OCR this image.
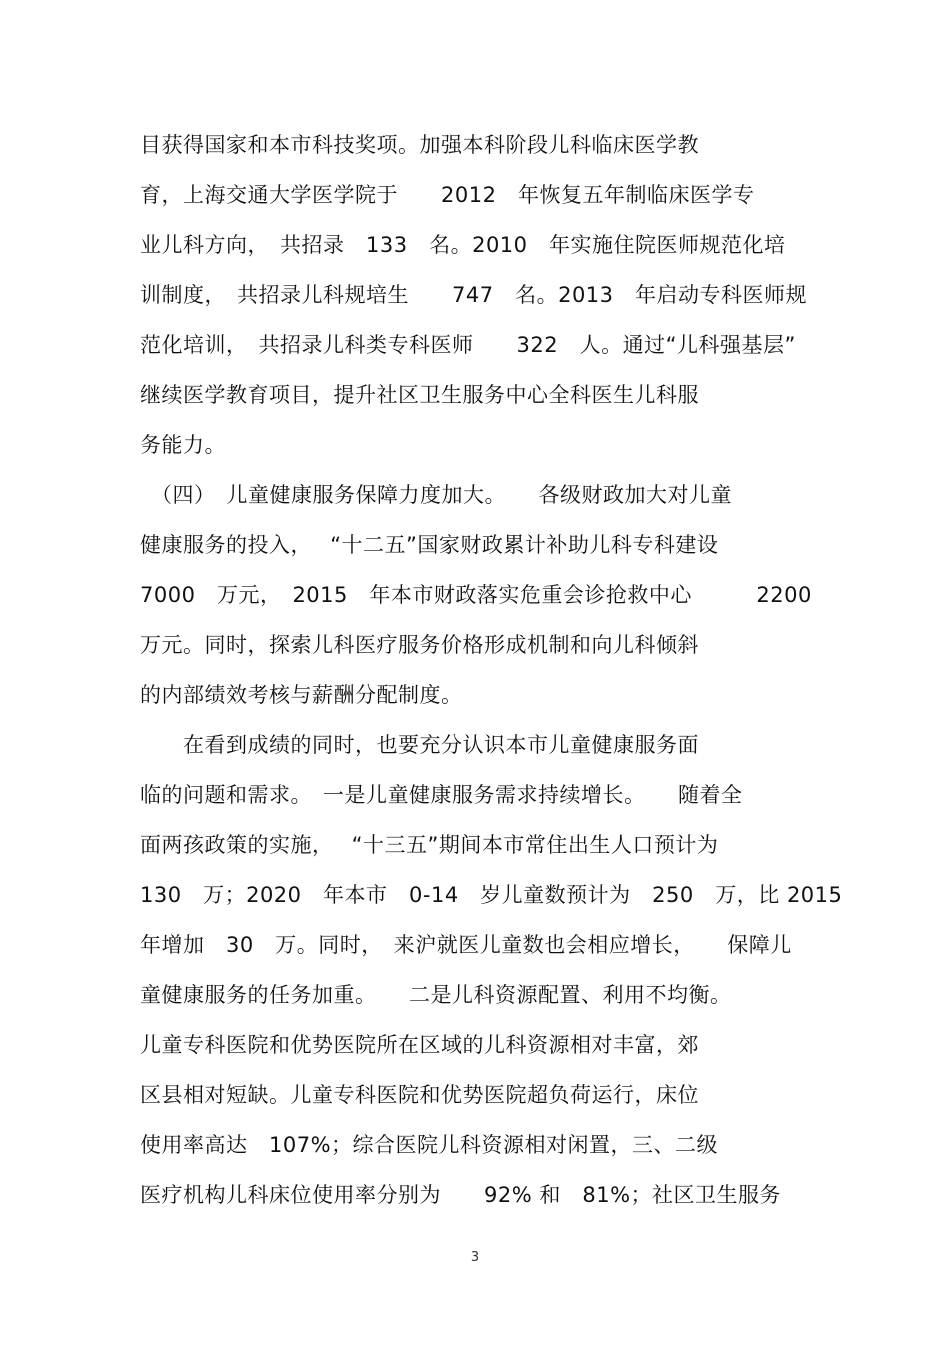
目获得国家和本市科技奖项。加强本科阶段儿科临床医学教
育，上海交通大学医学院于　　2012　年恢复五年制临床医学专
业儿科方向，　共招录　133　名。2010　年实施住院医师规范化培
训制度，　共招录儿科规培生　　747　名。2013　年启动专科医师规
范化培训，　共招录儿科类专科医师　　322　人。通过“儿科强基层”
继续医学教育项目，提升社区卫生服务中心全科医生儿科服
务能力。
　（四）　儿童健康服务保障力度加大。　　各级财政加大对儿童
健康服务的投入，　 “十二五”国家财政累计补助儿科专科建设
7000　万元，　2015　年本市财政落实危重会诊抢救中心　　　2200
万元。同时，探索儿科医疗服务价格形成机制和向儿科倾斜
的内部绩效考核与薪酬分配制度。
　　在看到成绩的同时，也要充分认识本市儿童健康服务面
临的问题和需求。　一是儿童健康服务需求持续增长。　　随着全
面两孩政策的实施，　 “十三五”期间本市常住出生人口预计为
130　万；2020　年本市　0-14　岁儿童数预计为　250　万，比 2015
年增加　30　万。同时，　来沪就医儿童数也会相应增长，　　保障儿
童健康服务的任务加重。　　二是儿科资源配置、利用不均衡。
儿童专科医院和优势医院所在区域的儿科资源相对丰富，郊
区县相对短缺。儿童专科医院和优势医院超负荷运行，床位
使用率高达　107%；综合医院儿科资源相对闲置，三、二级
医疗机构儿科床位使用率分别为　　92% 和　81%；社区卫生服务
3
